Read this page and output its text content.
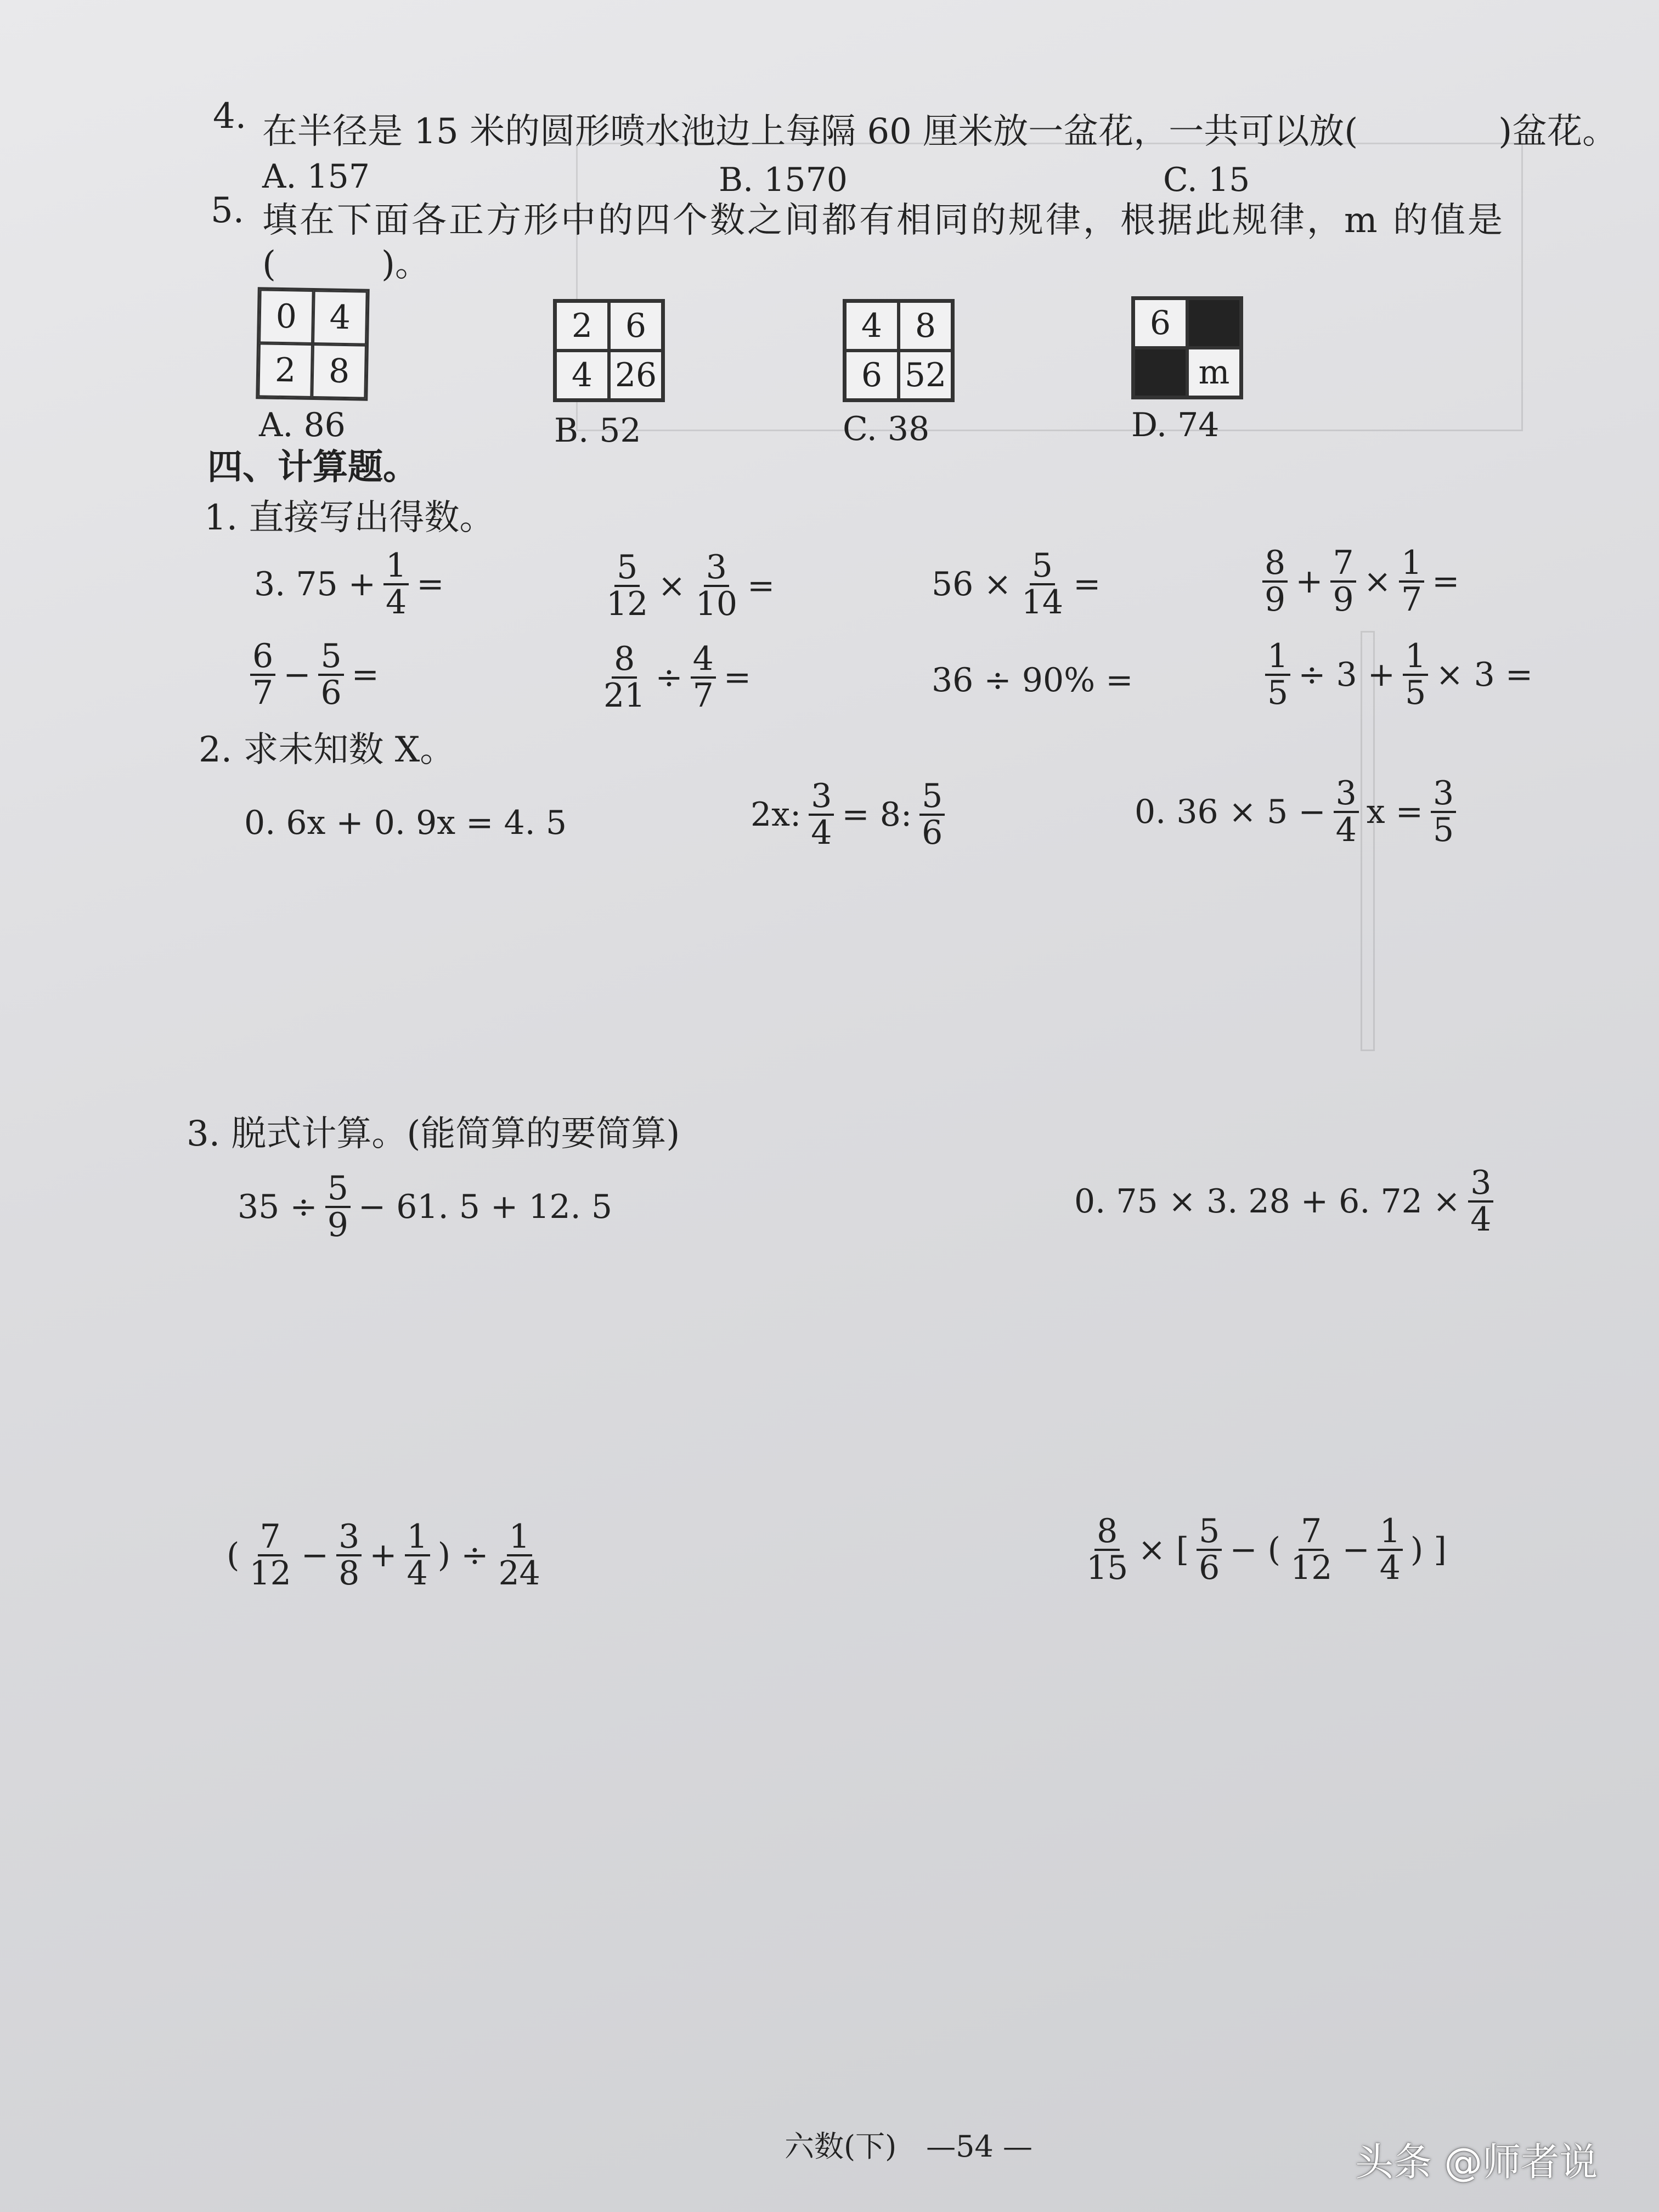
4. 在半径是 15 米的圆形喷水池边上每隔 60 厘米放一盆花，一共可以放(　　　　)盆花。
A. 157	B. 1570	C. 15
5. 填在下面各正方形中的四个数之间都有相同的规律，根据此规律，m 的值是
(　　　)。
0 4
2 8
2 6
4 26
4 8
6 52
6
m
A. 86	B. 52	C. 38	D. 74
四、计算题。
1. 直接写出得数。
3. $75 + \frac{1}{4}$ =	$\frac{5}{12} \times \frac{3}{10}$ =	$56 \times \frac{5}{14}$ =	$\frac{8}{9} + \frac{7}{9} \times \frac{1}{7}$ =
$\frac{6}{7} - \frac{5}{6}$ =	$\frac{8}{21} \div \frac{4}{7}$ =	36 ÷ 90% =	$\frac{1}{5} \div 3 + \frac{1}{5} \times 3$ =
2. 求未知数 X。
0. 6x + 0. 9x = 4. 5	2x: $\frac{3}{4} = 8$: $\frac{5}{6}$	0. $36 \times 5 - \frac{3}{4}$ $x = \frac{3}{5}$
3. 脱式计算。(能简算的要简算)
$35 \div \frac{5}{9} - 61$. 5 + 12. 5	0. 75 × 3. 28 + 6. $72 \times \frac{3}{4}$
( $\frac{7}{12} - \frac{3}{8} + \frac{1}{4}$ ) ÷ $\frac{1}{24}$	$\frac{8}{15}$ × [ $\frac{5}{6}$ − ( $\frac{7}{12} - \frac{1}{4}$ ) ]
六数(下)　—54 —	头条 @师者说
